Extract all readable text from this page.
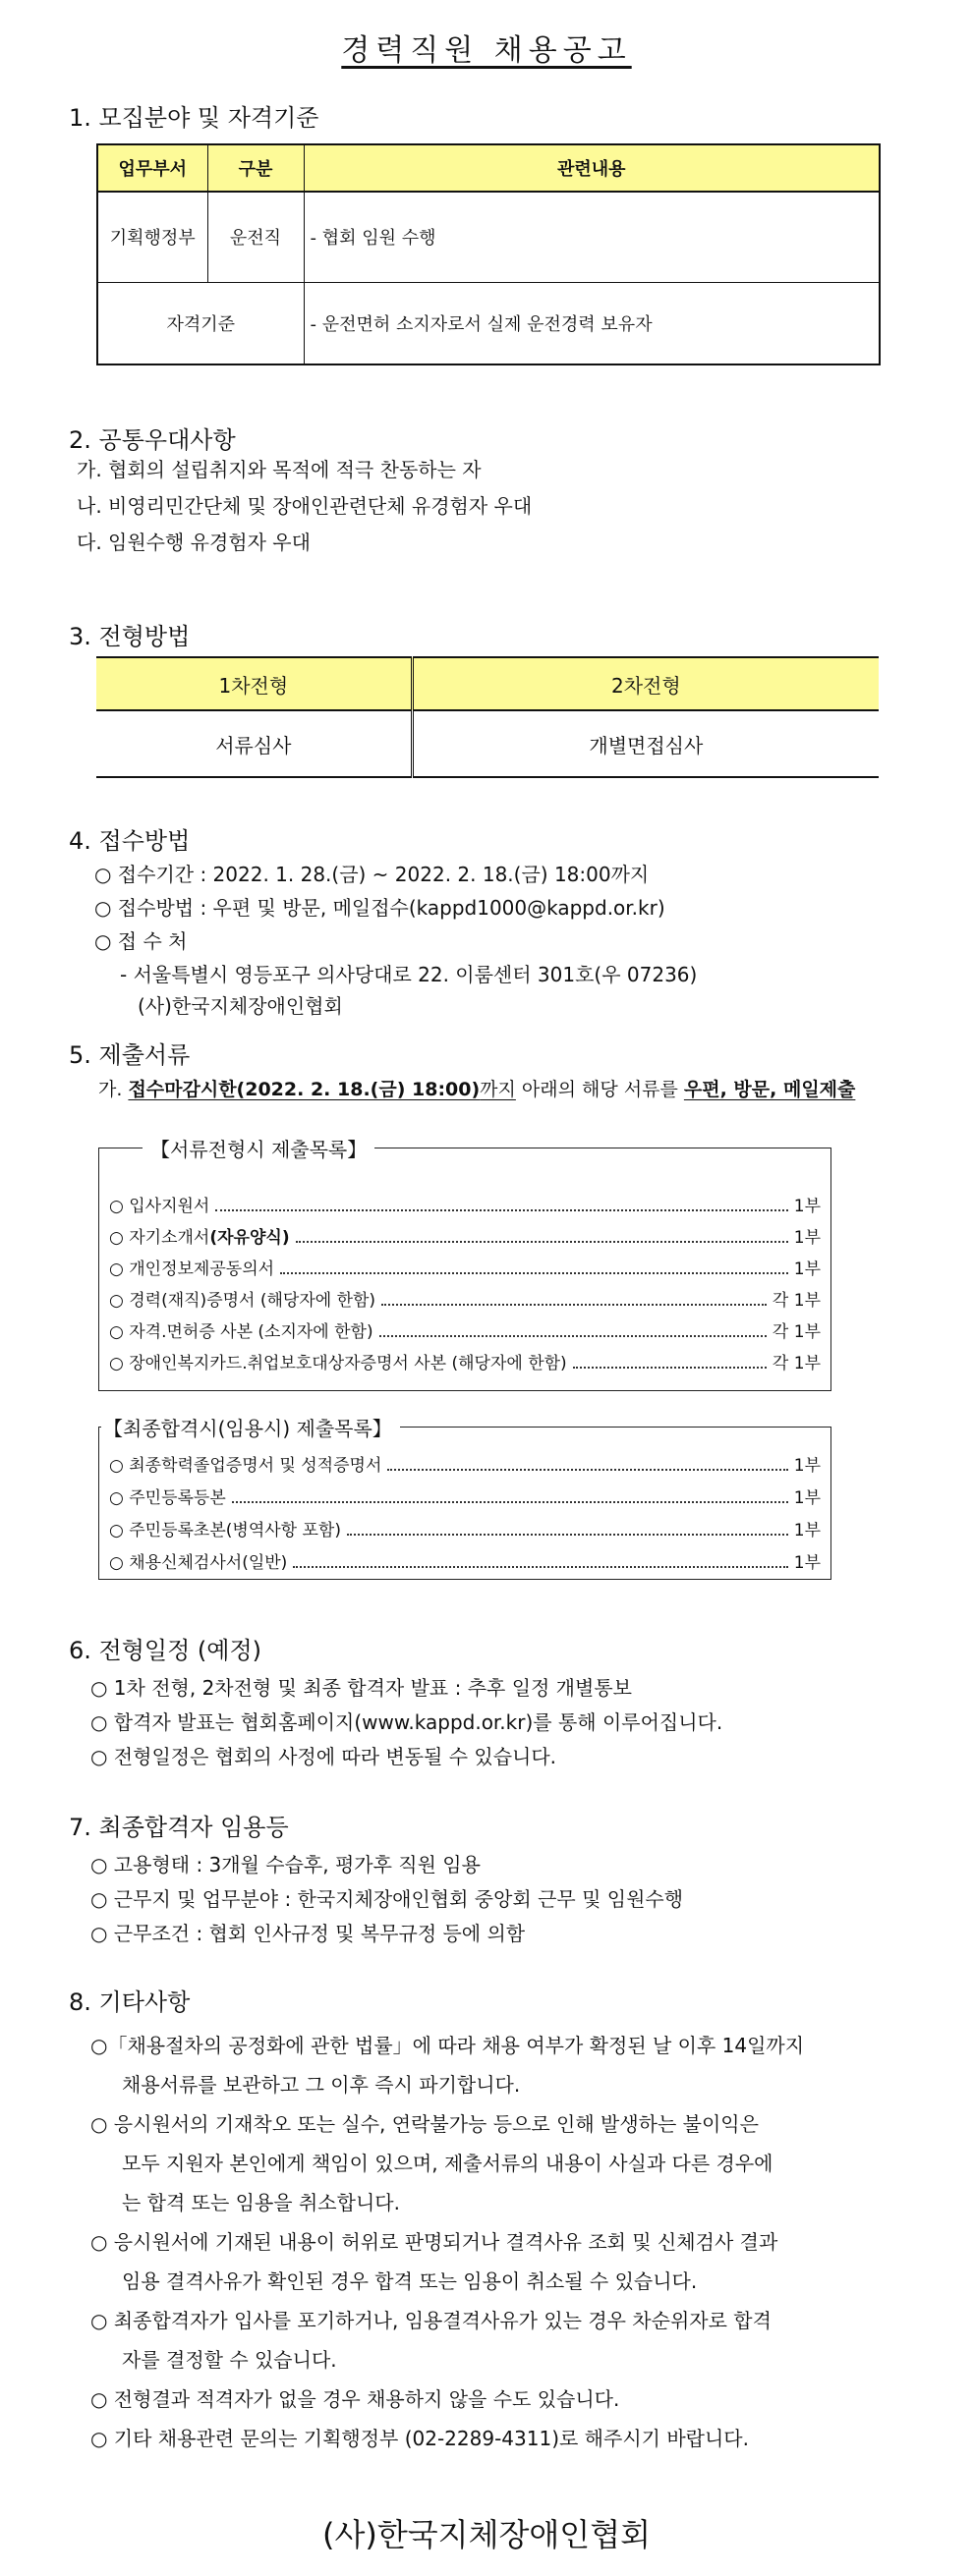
경력직원 채용공고
1. 모집분야 및 자격기준
업무부서	구분	관련내용
기획행정부	운전직	- 협회 임원 수행
자격기준		- 운전면허 소지자로서 실제 운전경력 보유자
2. 공통우대사항
가. 협회의 설립취지와 목적에 적극 찬동하는 자
나. 비영리민간단체 및 장애인관련단체 유경험자 우대
다. 임원수행 유경험자 우대
3. 전형방법
1차전형	2차전형
서류심사	개별면접심사
4. 접수방법
○ 접수기간 : 2022. 1. 28.(금) ~ 2022. 2. 18.(금) 18:00까지
○ 접수방법 : 우편 및 방문, 메일접수(kappd1000@kappd.or.kr)
○ 접 수 처
- 서울특별시 영등포구 의사당대로 22. 이룸센터 301호(우 07236)
(사)한국지체장애인협회
5. 제출서류
가. 접수마감시한(2022. 2. 18.(금) 18:00)까지 아래의 해당 서류를 우편, 방문, 메일제출
【서류전형시 제출목록】
○ 입사지원서	1부
○ 자기소개서(자유양식)	1부
○ 개인정보제공동의서	1부
○ 경력(재직)증명서 (해당자에 한함)	각 1부
○ 자격.면허증 사본 (소지자에 한함)	각 1부
○ 장애인복지카드.취업보호대상자증명서 사본 (해당자에 한함)	각 1부
【최종합격시(임용시) 제출목록】
○ 최종학력졸업증명서 및 성적증명서	1부
○ 주민등록등본	1부
○ 주민등록초본(병역사항 포함)	1부
○ 채용신체검사서(일반)	1부
6. 전형일정 (예정)
○ 1차 전형, 2차전형 및 최종 합격자 발표 : 추후 일정 개별통보
○ 합격자 발표는 협회홈페이지(www.kappd.or.kr)를 통해 이루어집니다.
○ 전형일정은 협회의 사정에 따라 변동될 수 있습니다.
7. 최종합격자 임용등
○ 고용형태 : 3개월 수습후, 평가후 직원 임용
○ 근무지 및 업무분야 : 한국지체장애인협회 중앙회 근무 및 임원수행
○ 근무조건 : 협회 인사규정 및 복무규정 등에 의함
8. 기타사항
○「채용절차의 공정화에 관한 법률」에 따라 채용 여부가 확정된 날 이후 14일까지
채용서류를 보관하고 그 이후 즉시 파기합니다.
○ 응시원서의 기재착오 또는 실수, 연락불가능 등으로 인해 발생하는 불이익은
모두 지원자 본인에게 책임이 있으며, 제출서류의 내용이 사실과 다른 경우에
는 합격 또는 임용을 취소합니다.
○ 응시원서에 기재된 내용이 허위로 판명되거나 결격사유 조회 및 신체검사 결과
임용 결격사유가 확인된 경우 합격 또는 임용이 취소될 수 있습니다.
○ 최종합격자가 입사를 포기하거나, 임용결격사유가 있는 경우 차순위자로 합격
자를 결정할 수 있습니다.
○ 전형결과 적격자가 없을 경우 채용하지 않을 수도 있습니다.
○ 기타 채용관련 문의는 기획행정부 (02-2289-4311)로 해주시기 바랍니다.
(사)한국지체장애인협회
